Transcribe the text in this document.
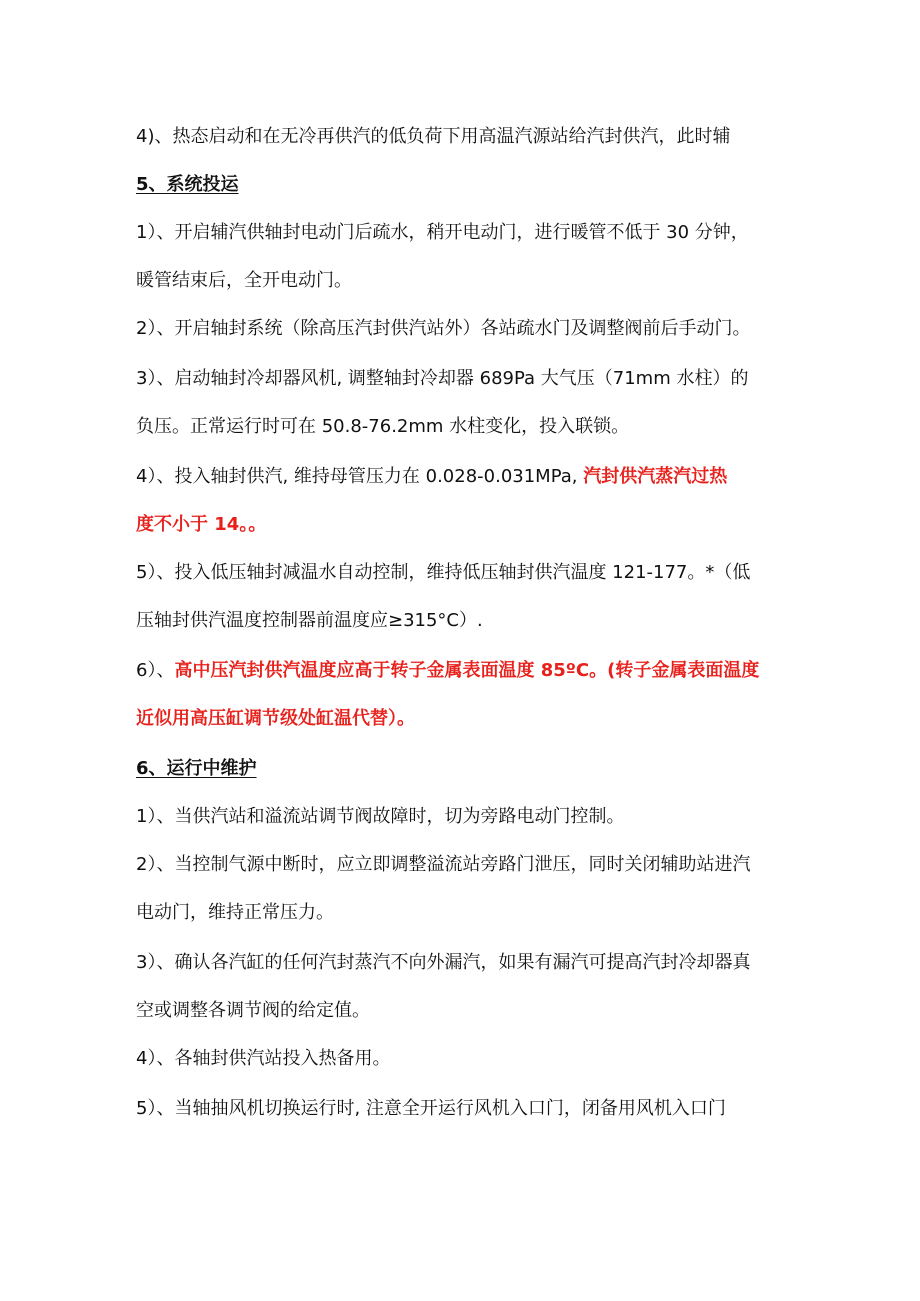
4)、热态启动和在无冷再供汽的低负荷下用高温汽源站给汽封供汽，此时辅
5、系统投运
1）、开启辅汽供轴封电动门后疏水，稍开电动门，进行暖管不低于 30 分钟，
暖管结束后，全开电动门。
2）、开启轴封系统（除高压汽封供汽站外）各站疏水门及调整阀前后手动门。
3）、启动轴封冷却器风机, 调整轴封冷却器 689Pa 大气压（71mm 水柱）的
负压。正常运行时可在 50.8-76.2mm 水柱变化，投入联锁。
4）、投入轴封供汽, 维持母管压力在 0.028-0.031MPa, 汽封供汽蒸汽过热
度不小于 14。。
5）、投入低压轴封减温水自动控制，维持低压轴封供汽温度 121-177。*（低
压轴封供汽温度控制器前温度应≥315°C）.
6）、高中压汽封供汽温度应高于转子金属表面温度 85ºC。(转子金属表面温度
近似用高压缸调节级处缸温代替）。
6、运行中维护
1）、当供汽站和溢流站调节阀故障时，切为旁路电动门控制。
2）、当控制气源中断时，应立即调整溢流站旁路门泄压，同时关闭辅助站进汽
电动门，维持正常压力。
3）、确认各汽缸的任何汽封蒸汽不向外漏汽，如果有漏汽可提高汽封冷却器真
空或调整各调节阀的给定值。
4）、各轴封供汽站投入热备用。
5）、当轴抽风机切换运行时, 注意全开运行风机入口门，闭备用风机入口门
